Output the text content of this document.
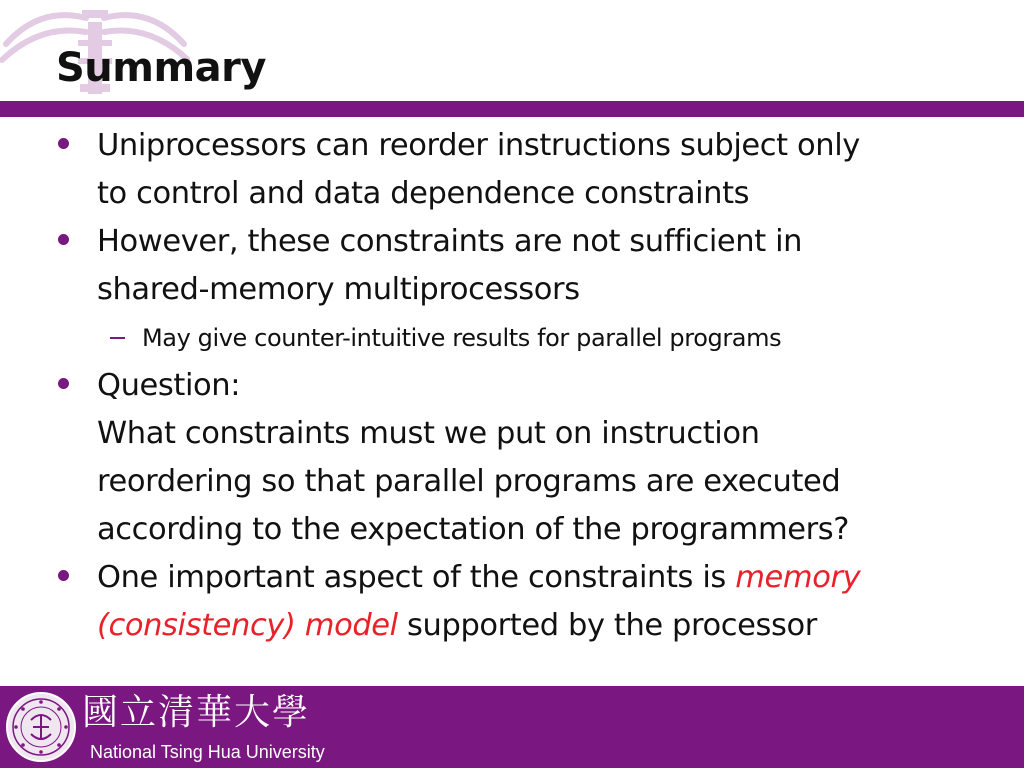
Summary
Uniprocessors can reorder instructions subject only
to control and data dependence constraints
However, these constraints are not sufficient in
shared-memory multiprocessors
May give counter-intuitive results for parallel programs
Question:
What constraints must we put on instruction
reordering so that parallel programs are executed
according to the expectation of the programmers?
One important aspect of the constraints is memory
(consistency) model supported by the processor

國立清華大學

National Tsing Hua University
